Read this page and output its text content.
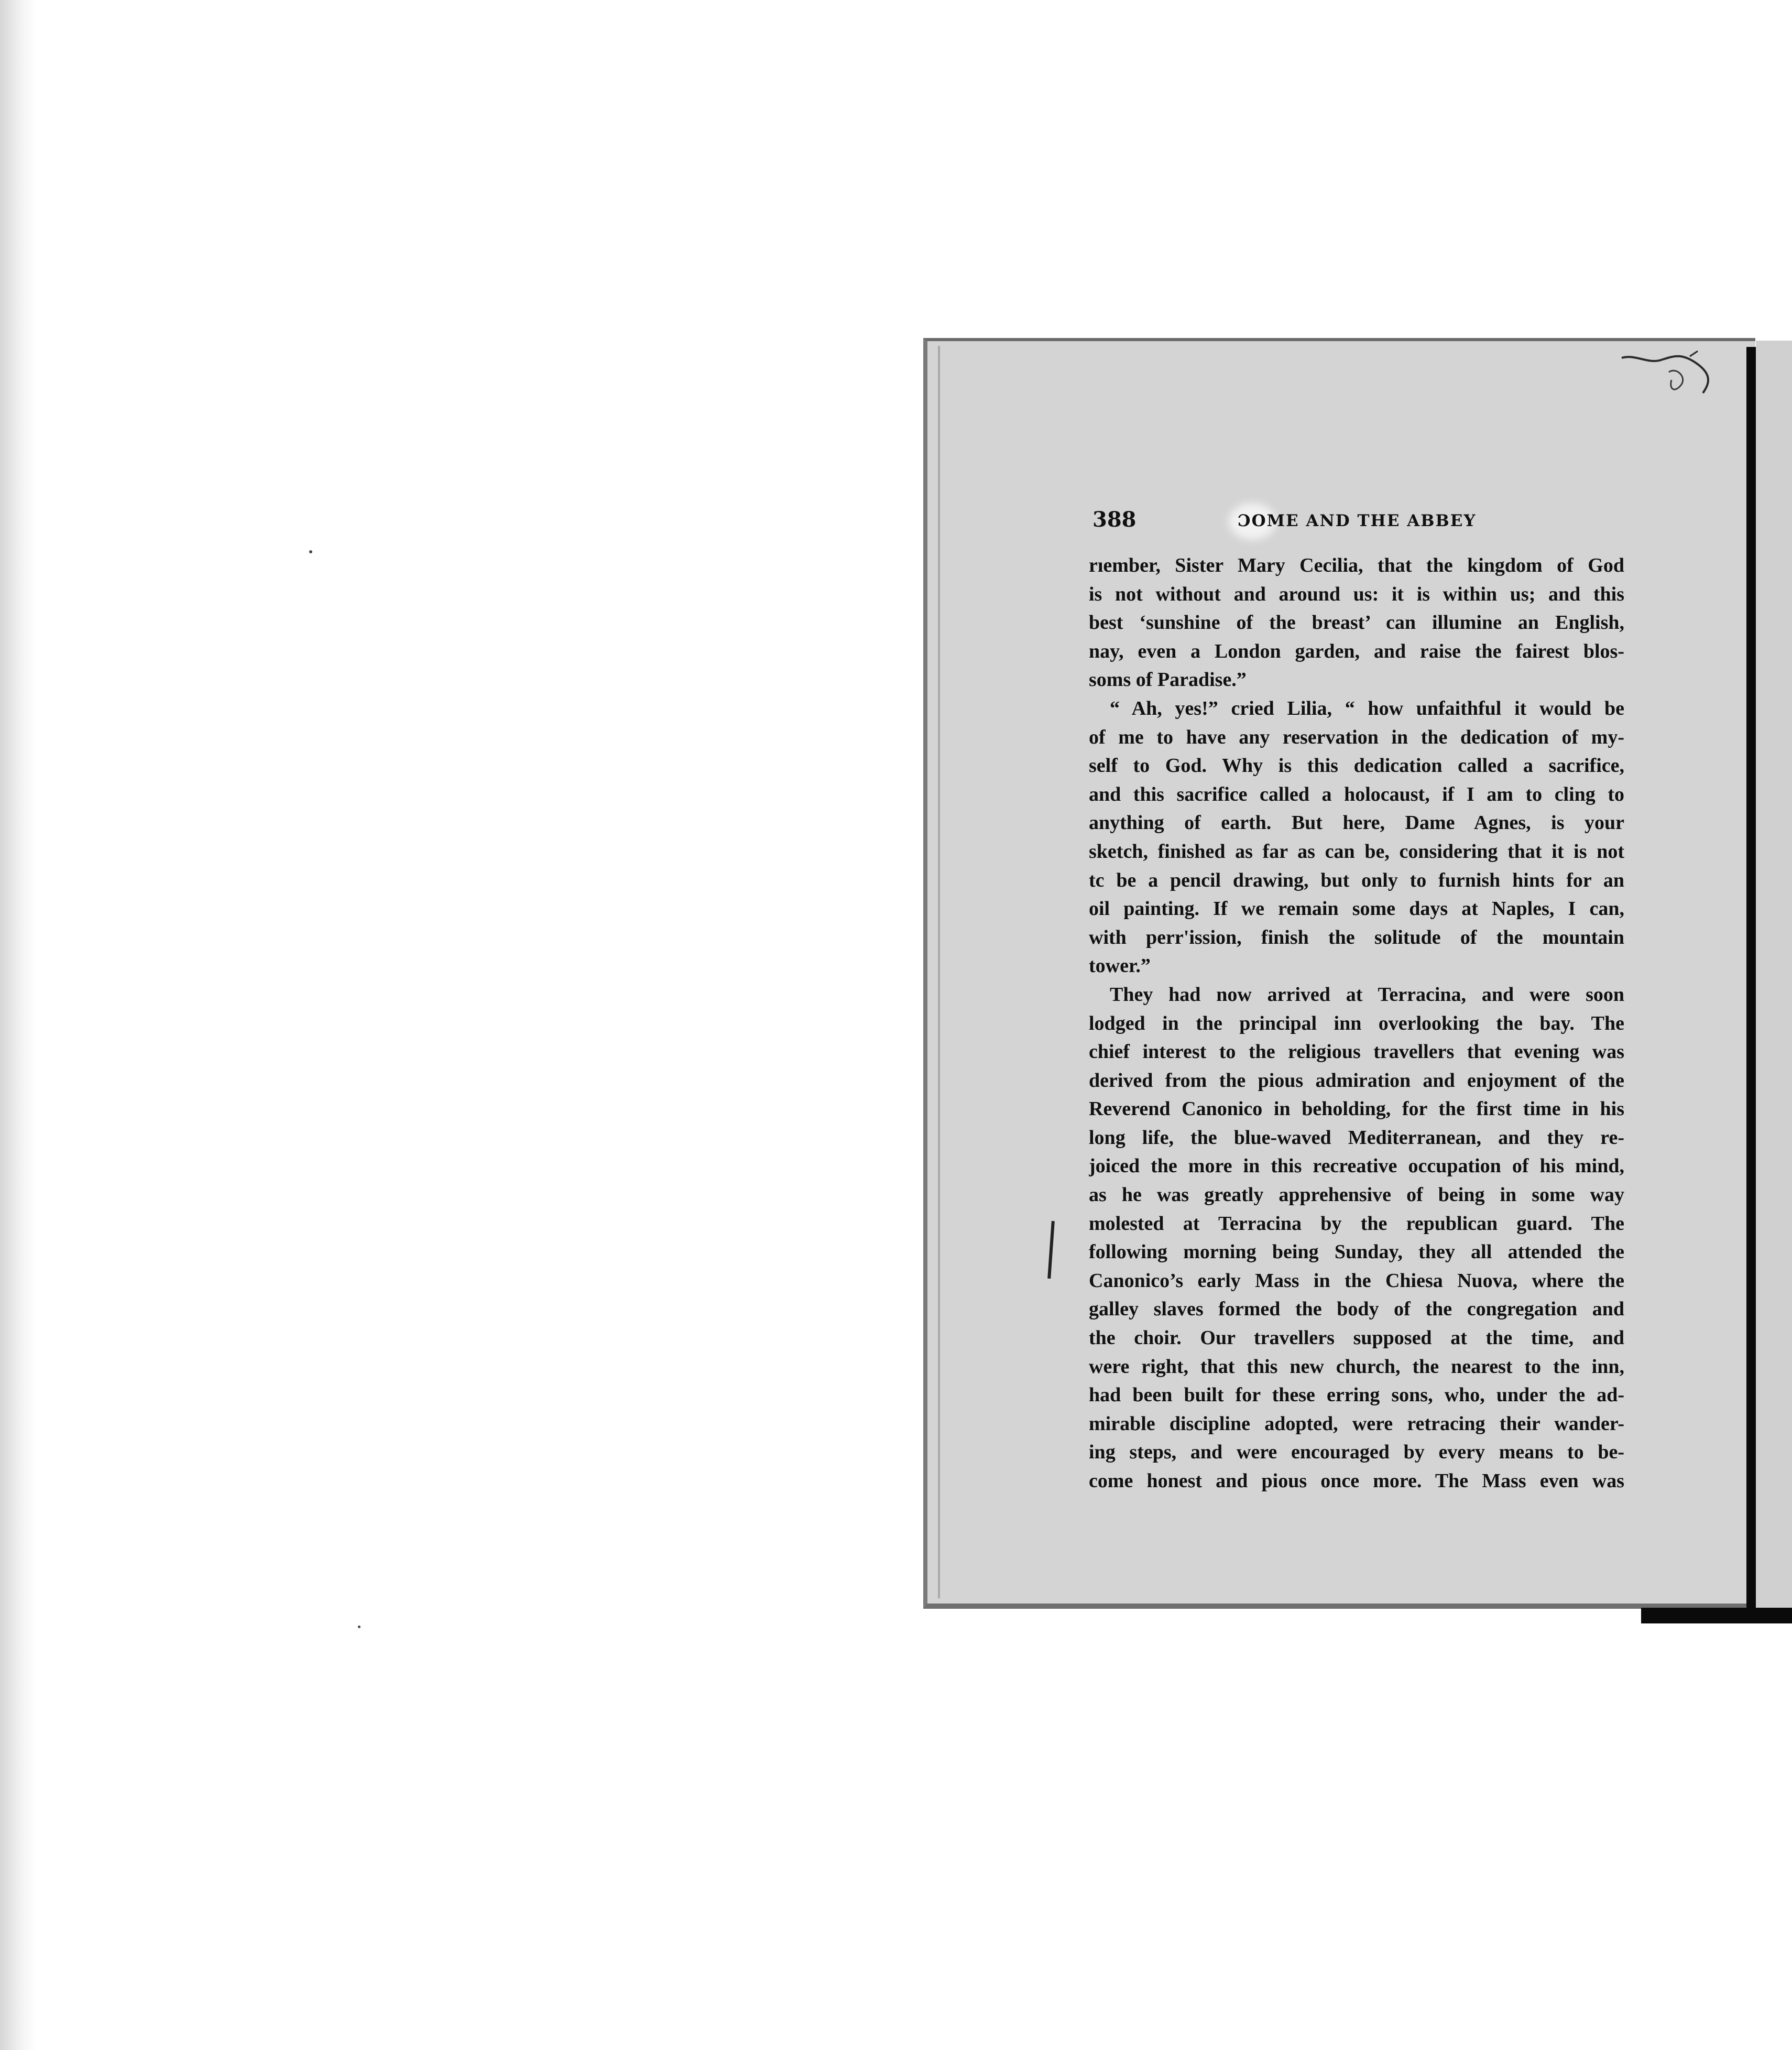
388	ƆOME AND THE ABBEY
rıember, Sister Mary Cecilia, that the kingdom of God
is not without and around us: it is within us; and this
best ‘sunshine of the breast’ can illumine an English,
nay, even a London garden, and raise the fairest blos-
soms of Paradise.”
“ Ah, yes!” cried Lilia, “ how unfaithful it would be
of me to have any reservation in the dedication of my-
self to God. Why is this dedication called a sacrifice,
and this sacrifice called a holocaust, if I am to cling to
anything of earth. But here, Dame Agnes, is your
sketch, finished as far as can be, considering that it is not
tc be a pencil drawing, but only to furnish hints for an
oil painting. If we remain some days at Naples, I can,
with perr'ission, finish the solitude of the mountain
tower.”
They had now arrived at Terracina, and were soon
lodged in the principal inn overlooking the bay. The
chief interest to the religious travellers that evening was
derived from the pious admiration and enjoyment of the
Reverend Canonico in beholding, for the first time in his
long life, the blue-waved Mediterranean, and they re-
joiced the more in this recreative occupation of his mind,
as he was greatly apprehensive of being in some way
molested at Terracina by the republican guard. The
following morning being Sunday, they all attended the
Canonico’s early Mass in the Chiesa Nuova, where the
galley slaves formed the body of the congregation and
the choir. Our travellers supposed at the time, and
were right, that this new church, the nearest to the inn,
had been built for these erring sons, who, under the ad-
mirable discipline adopted, were retracing their wander-
ing steps, and were encouraged by every means to be-
come honest and pious once more. The Mass even was
